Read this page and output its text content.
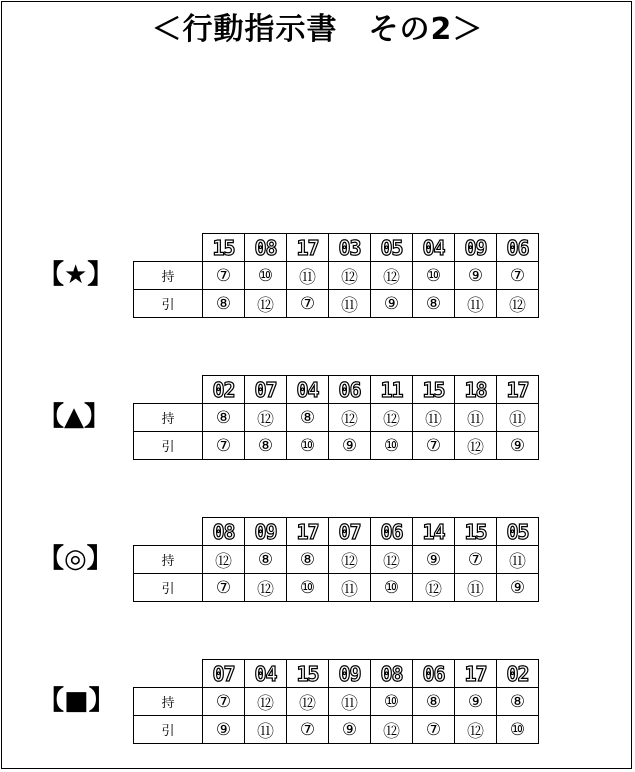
＜行動指示書　その2＞
【★】
	15	08	17	03	05	04	09	06
持	⑦	⑩	⑪	⑫	⑫	⑩	⑨	⑦
引	⑧	⑫	⑦	⑪	⑨	⑧	⑪	⑫
【▲】
	02	07	04	06	11	15	18	17
持	⑧	⑫	⑧	⑫	⑫	⑪	⑪	⑪
引	⑦	⑧	⑩	⑨	⑩	⑦	⑫	⑨
【◎】
	08	09	17	07	06	14	15	05
持	⑫	⑧	⑧	⑫	⑫	⑨	⑦	⑪
引	⑦	⑫	⑩	⑪	⑩	⑫	⑪	⑨
【■】
	07	04	15	09	08	06	17	02
持	⑦	⑫	⑫	⑪	⑩	⑧	⑨	⑧
引	⑨	⑪	⑦	⑨	⑫	⑦	⑫	⑩
